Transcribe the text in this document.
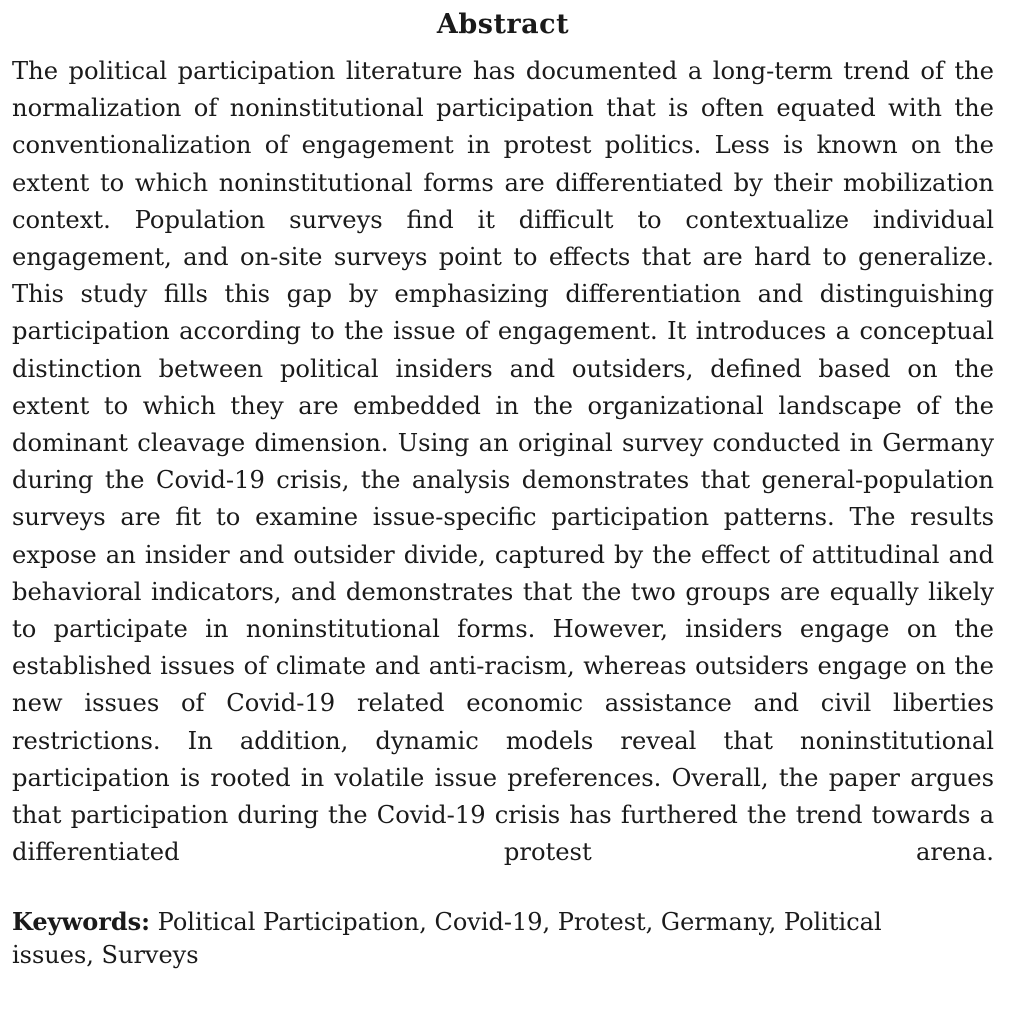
Abstract

The political participation literature has documented a long-term trend of the normalization of noninstitutional participation that is often equated with the conventionalization of engagement in protest politics. Less is known on the extent to which noninstitutional forms are differentiated by their mobilization context. Population surveys find it difficult to contextualize individual engagement, and on-site surveys point to effects that are hard to generalize. This study fills this gap by emphasizing differentiation and distinguishing participation according to the issue of engagement. It introduces a conceptual distinction between political insiders and outsiders, defined based on the extent to which they are embedded in the organizational landscape of the dominant cleavage dimension. Using an original survey conducted in Germany during the Covid-19 crisis, the analysis demonstrates that general-population surveys are fit to examine issue-specific participation patterns. The results expose an insider and outsider divide, captured by the effect of attitudinal and behavioral indicators, and demonstrates that the two groups are equally likely to participate in noninstitutional forms. However, insiders engage on the established issues of climate and anti-racism, whereas outsiders engage on the new issues of Covid-19 related economic assistance and civil liberties restrictions. In addition, dynamic models reveal that noninstitutional participation is rooted in volatile issue preferences. Overall, the paper argues that participation during the Covid-19 crisis has furthered the trend towards a differentiated protest arena.

Keywords: Political Participation, Covid-19, Protest, Germany, Political issues, Surveys
